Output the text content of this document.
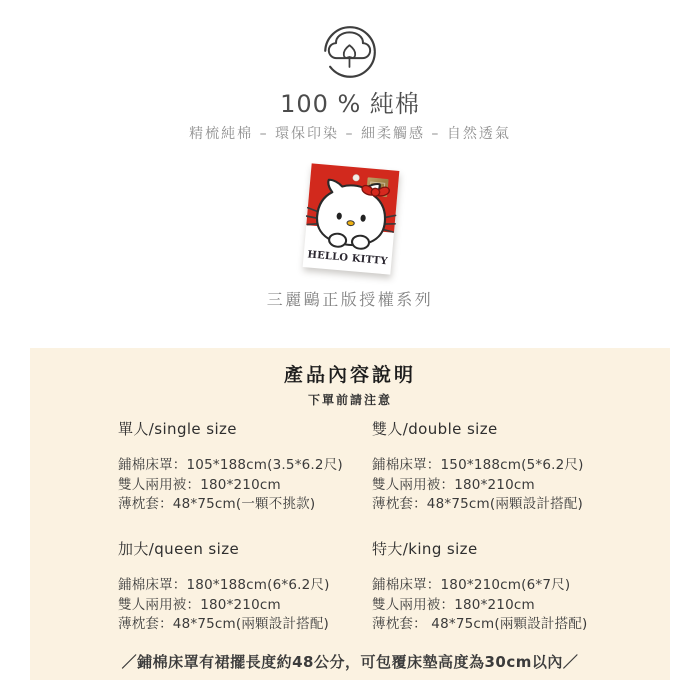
100 % 純棉
精梳純棉 – 環保印染 – 細柔觸感 – 自然透氣
HELLO KITTY
三麗鷗正版授權系列
產品內容說明
下單前請注意
單人/single size
鋪棉床罩：105*188cm(3.5*6.2尺)
雙人兩用被：180*210cm
薄枕套：48*75cm(一顆不挑款)
雙人/double size
鋪棉床罩：150*188cm(5*6.2尺)
雙人兩用被：180*210cm
薄枕套：48*75cm(兩顆設計搭配)
加大/queen size
鋪棉床罩：180*188cm(6*6.2尺)
雙人兩用被：180*210cm
薄枕套：48*75cm(兩顆設計搭配)
特大/king size
鋪棉床罩：180*210cm(6*7尺)
雙人兩用被：180*210cm
薄枕套： 48*75cm(兩顆設計搭配)
／鋪棉床罩有裙擺長度約48公分，可包覆床墊高度為30cm以內／
